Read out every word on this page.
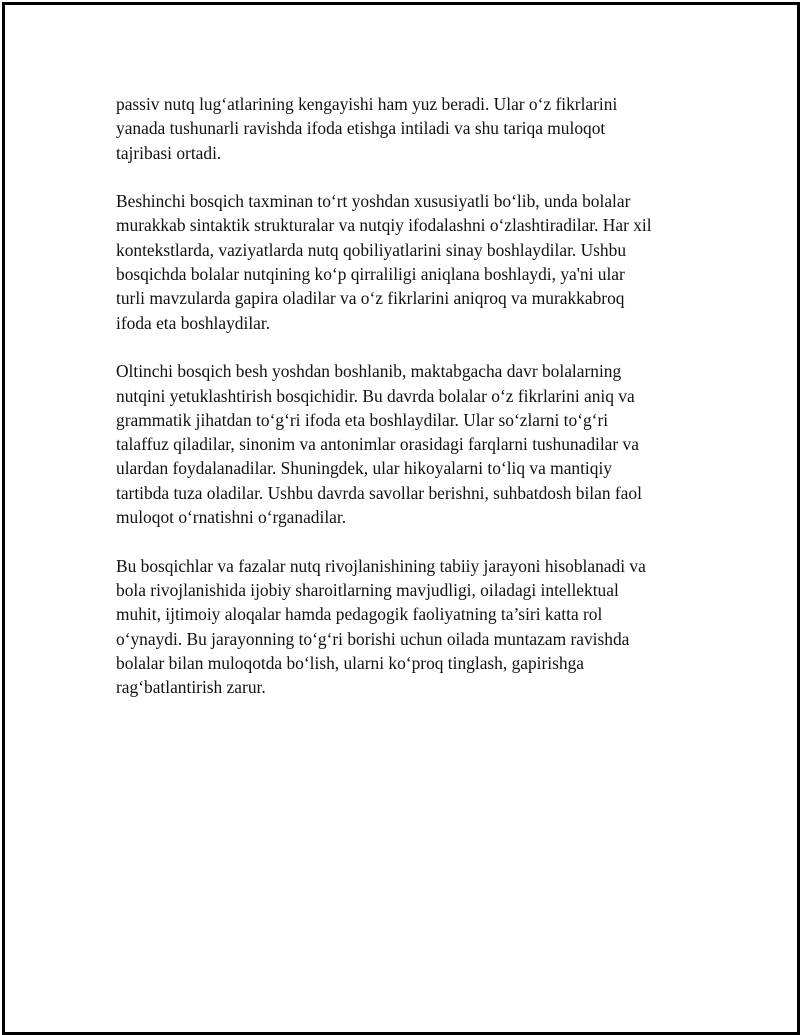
passiv nutq lug‘atlarining kengayishi ham yuz beradi. Ular o‘z fikrlarini
yanada tushunarli ravishda ifoda etishga intiladi va shu tariqa muloqot
tajribasi ortadi.

Beshinchi bosqich taxminan to‘rt yoshdan xususiyatli bo‘lib, unda bolalar
murakkab sintaktik strukturalar va nutqiy ifodalashni o‘zlashtiradilar. Har xil
kontekstlarda, vaziyatlarda nutq qobiliyatlarini sinay boshlaydilar. Ushbu
bosqichda bolalar nutqining ko‘p qirraliligi aniqlana boshlaydi, ya'ni ular
turli mavzularda gapira oladilar va o‘z fikrlarini aniqroq va murakkabroq
ifoda eta boshlaydilar.

Oltinchi bosqich besh yoshdan boshlanib, maktabgacha davr bolalarning
nutqini yetuklashtirish bosqichidir. Bu davrda bolalar o‘z fikrlarini aniq va
grammatik jihatdan to‘g‘ri ifoda eta boshlaydilar. Ular so‘zlarni to‘g‘ri
talaffuz qiladilar, sinonim va antonimlar orasidagi farqlarni tushunadilar va
ulardan foydalanadilar. Shuningdek, ular hikoyalarni to‘liq va mantiqiy
tartibda tuza oladilar. Ushbu davrda savollar berishni, suhbatdosh bilan faol
muloqot o‘rnatishni o‘rganadilar.

Bu bosqichlar va fazalar nutq rivojlanishining tabiiy jarayoni hisoblanadi va
bola rivojlanishida ijobiy sharoitlarning mavjudligi, oiladagi intellektual
muhit, ijtimoiy aloqalar hamda pedagogik faoliyatning ta’siri katta rol
o‘ynaydi. Bu jarayonning to‘g‘ri borishi uchun oilada muntazam ravishda
bolalar bilan muloqotda bo‘lish, ularni ko‘proq tinglash, gapirishga
rag‘batlantirish zarur.
